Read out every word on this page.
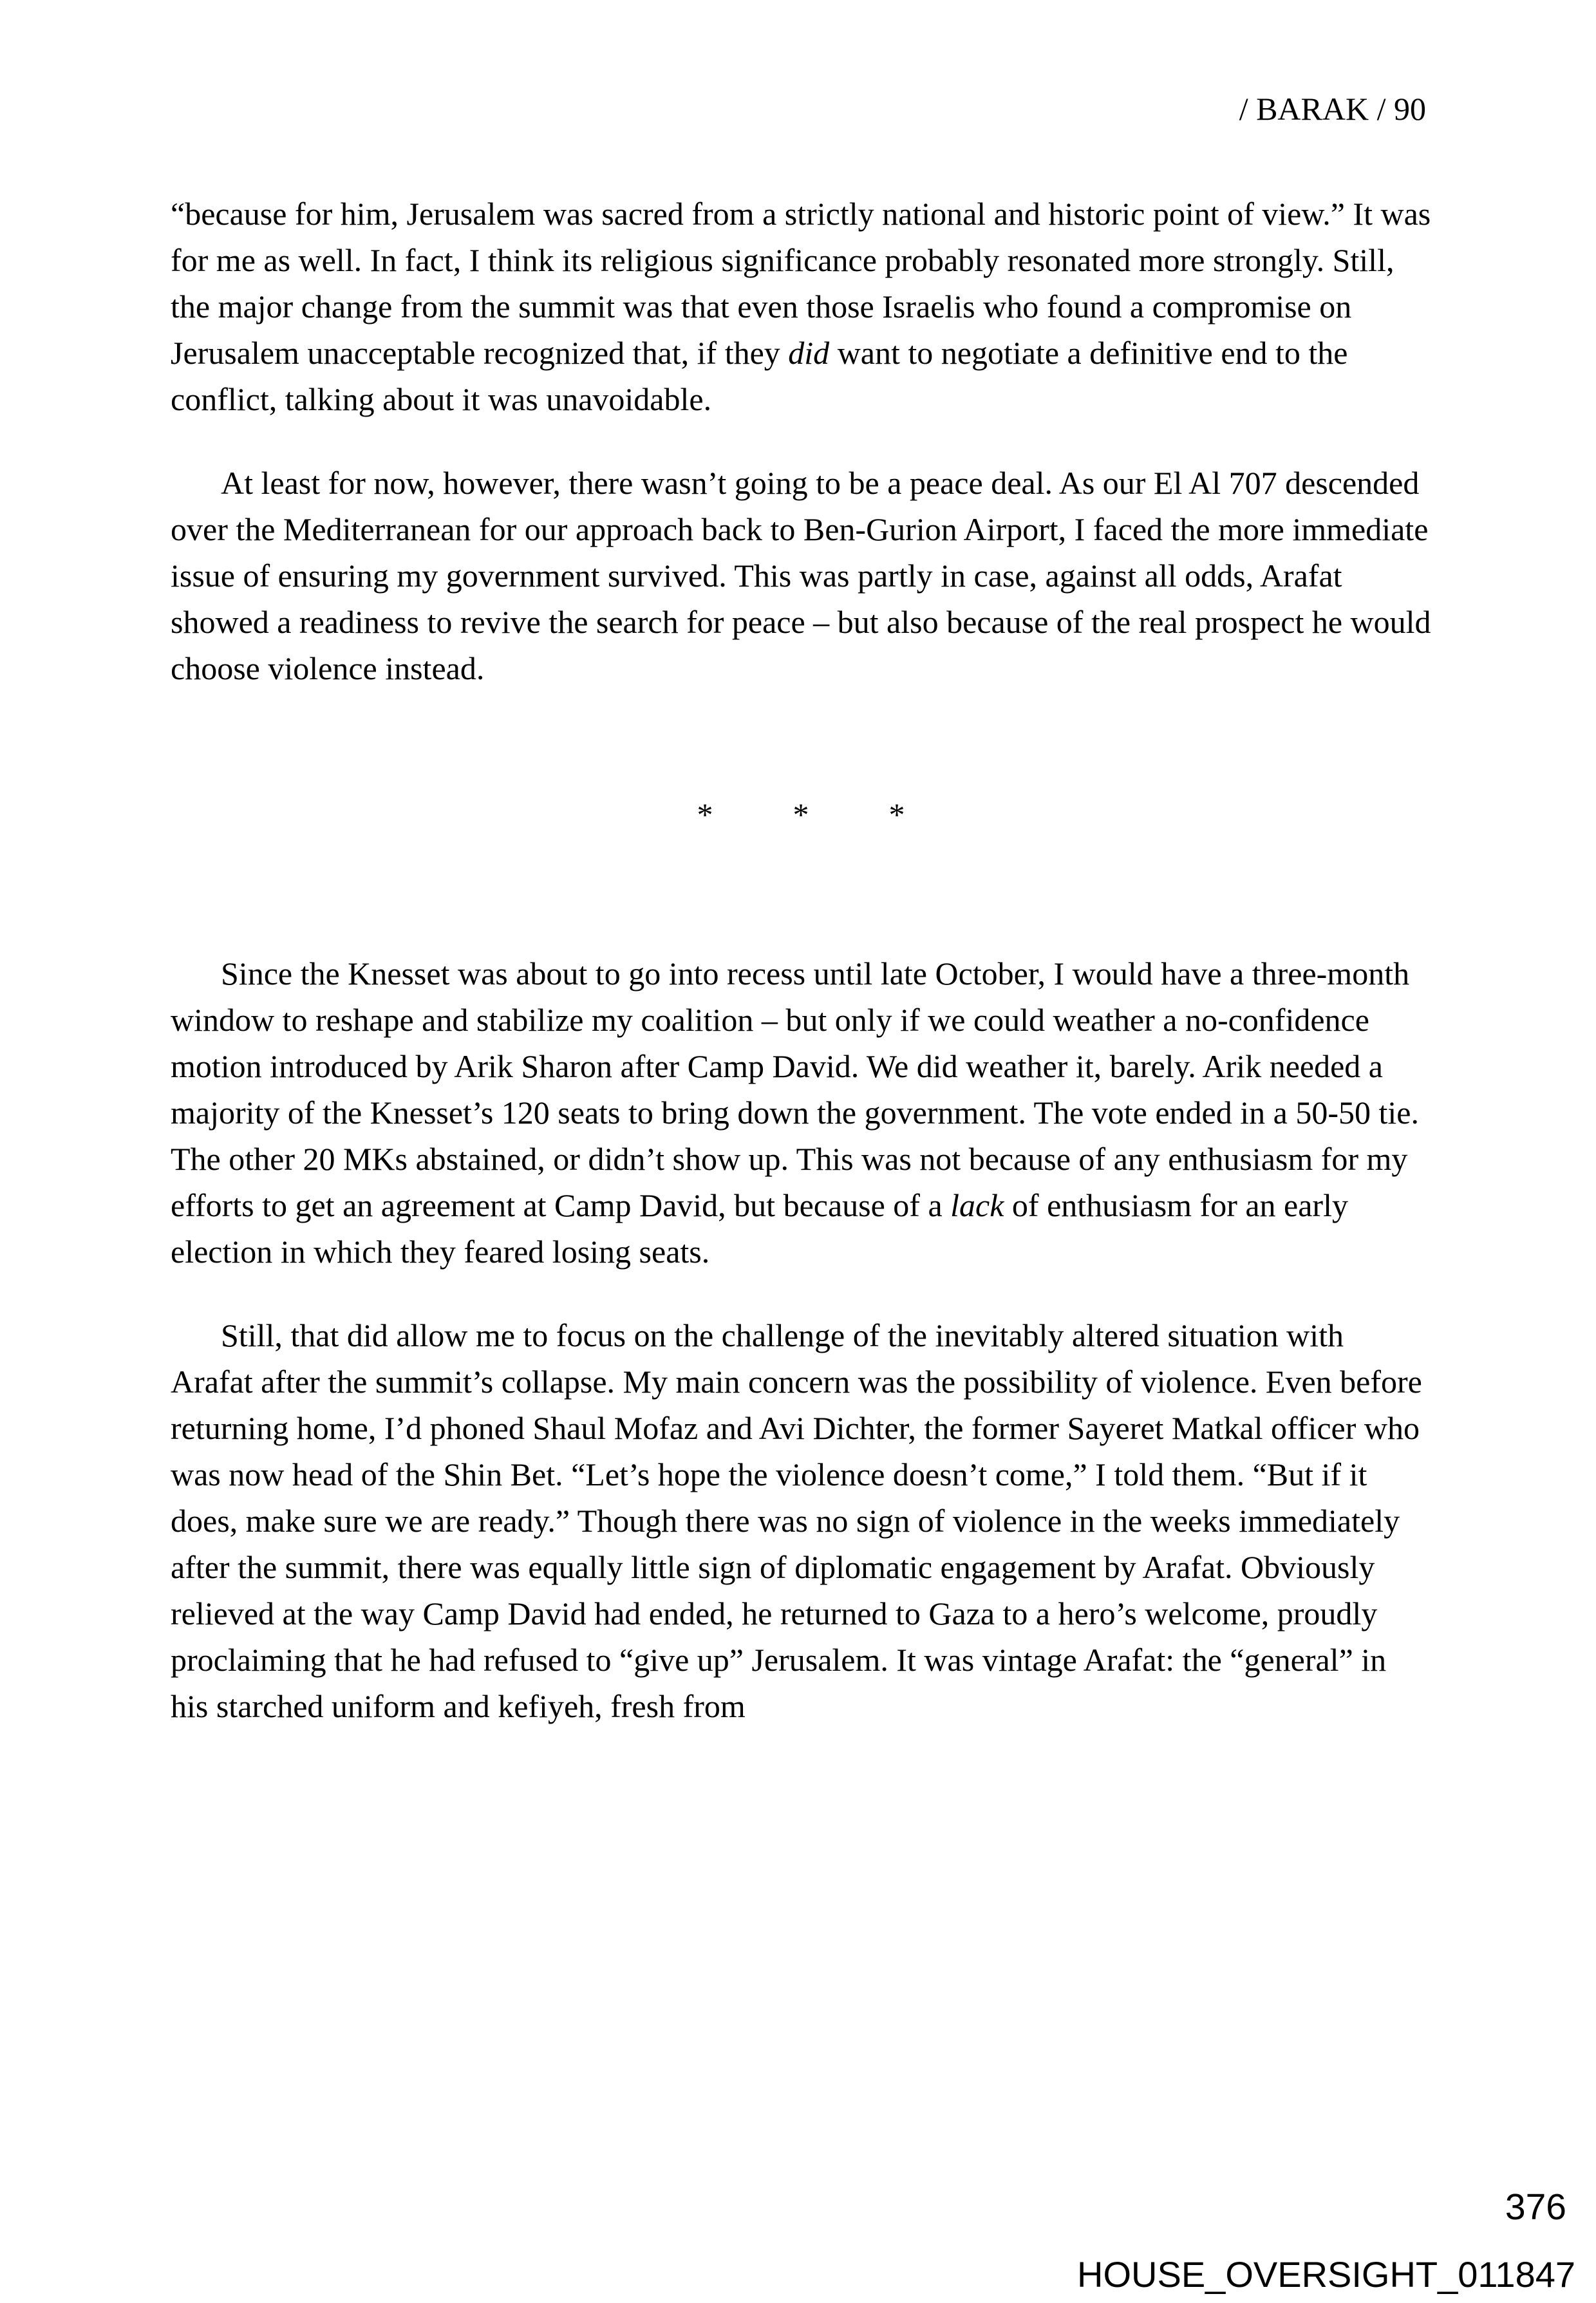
/ BARAK / 90

“because for him, Jerusalem was sacred from a strictly national and historic point of view.” It was for me as well. In fact, I think its religious significance probably resonated more strongly. Still, the major change from the summit was that even those Israelis who found a compromise on Jerusalem unacceptable recognized that, if they did want to negotiate a definitive end to the conflict, talking about it was unavoidable.

At least for now, however, there wasn’t going to be a peace deal. As our El Al 707 descended over the Mediterranean for our approach back to Ben-Gurion Airport, I faced the more immediate issue of ensuring my government survived. This was partly in case, against all odds, Arafat showed a readiness to revive the search for peace – but also because of the real prospect he would choose violence instead.

* * *

Since the Knesset was about to go into recess until late October, I would have a three-month window to reshape and stabilize my coalition – but only if we could weather a no-confidence motion introduced by Arik Sharon after Camp David. We did weather it, barely. Arik needed a majority of the Knesset’s 120 seats to bring down the government. The vote ended in a 50-50 tie. The other 20 MKs abstained, or didn’t show up. This was not because of any enthusiasm for my efforts to get an agreement at Camp David, but because of a lack of enthusiasm for an early election in which they feared losing seats.

Still, that did allow me to focus on the challenge of the inevitably altered situation with Arafat after the summit’s collapse. My main concern was the possibility of violence. Even before returning home, I’d phoned Shaul Mofaz and Avi Dichter, the former Sayeret Matkal officer who was now head of the Shin Bet. “Let’s hope the violence doesn’t come,” I told them. “But if it does, make sure we are ready.” Though there was no sign of violence in the weeks immediately after the summit, there was equally little sign of diplomatic engagement by Arafat. Obviously relieved at the way Camp David had ended, he returned to Gaza to a hero’s welcome, proudly proclaiming that he had refused to “give up” Jerusalem. It was vintage Arafat: the “general” in his starched uniform and kefiyeh, fresh from

376
HOUSE_OVERSIGHT_011847
